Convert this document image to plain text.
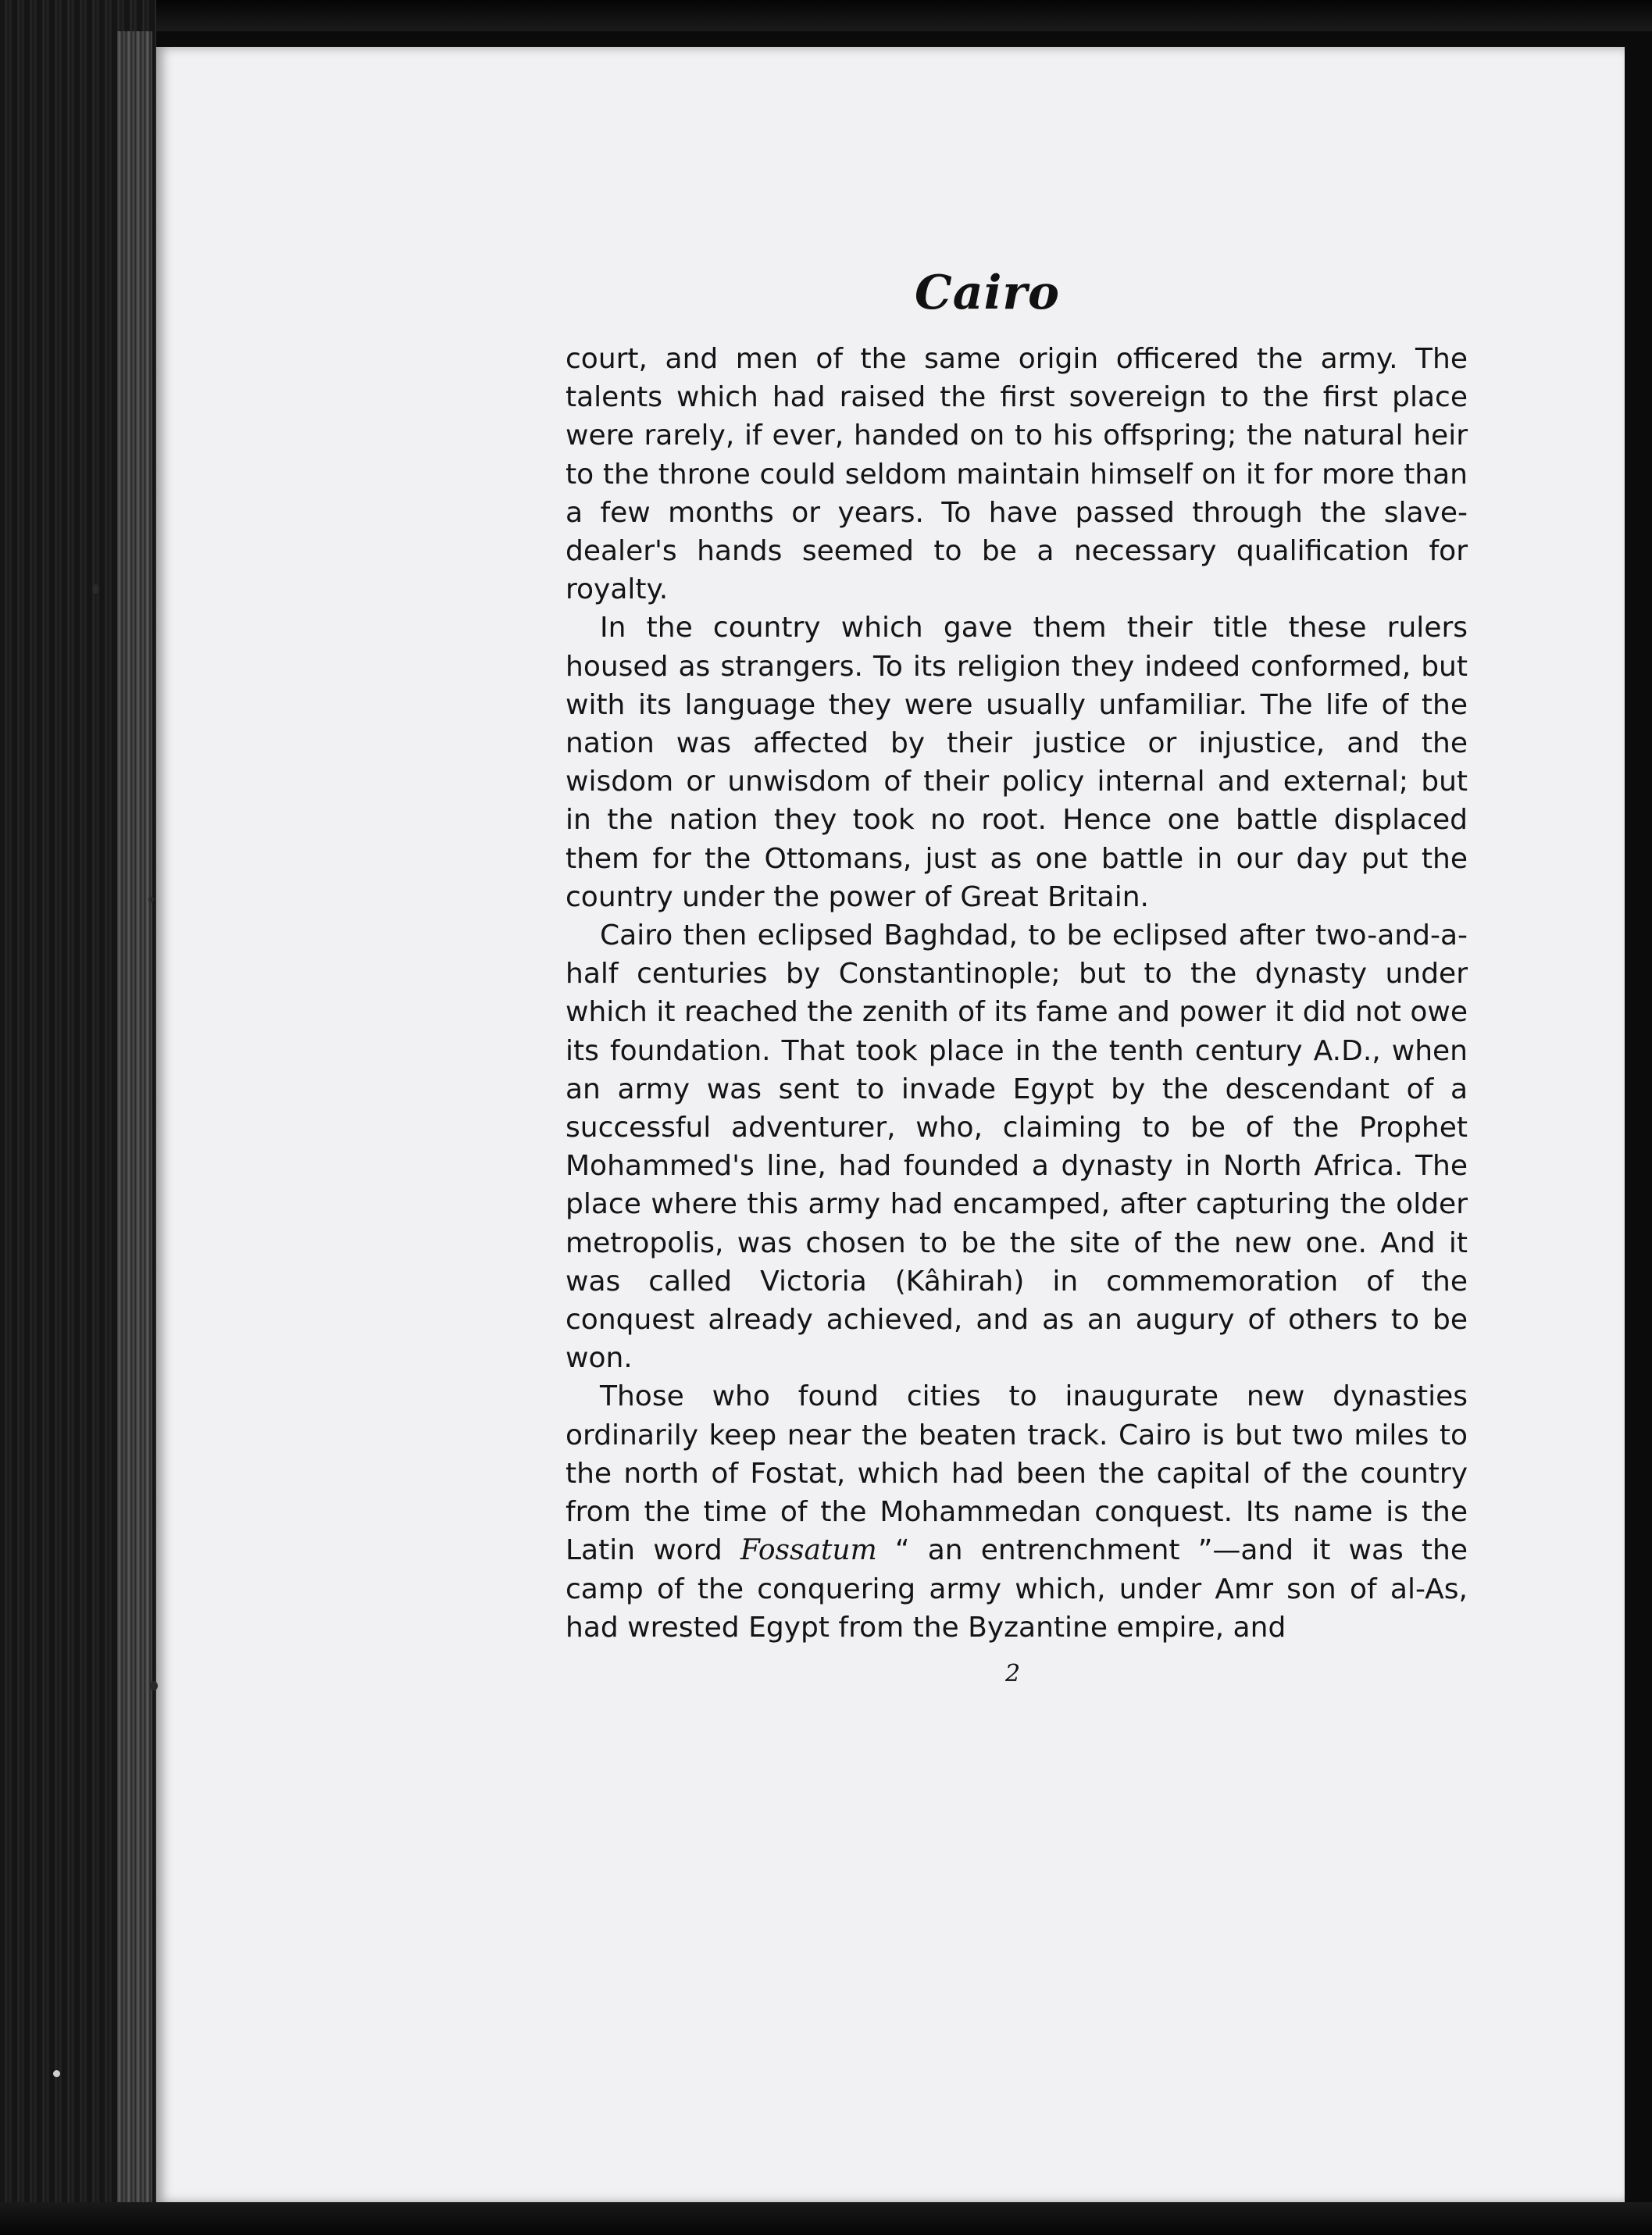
Cairo

court, and men of the same origin officered the army. The talents which had raised the first sovereign to the first place were rarely, if ever, handed on to his offspring; the natural heir to the throne could seldom maintain himself on it for more than a few months or years. To have passed through the slave-dealer's hands seemed to be a necessary qualification for royalty.

In the country which gave them their title these rulers housed as strangers. To its religion they indeed conformed, but with its language they were usually unfamiliar. The life of the nation was affected by their justice or injustice, and the wisdom or unwisdom of their policy internal and external; but in the nation they took no root. Hence one battle displaced them for the Ottomans, just as one battle in our day put the country under the power of Great Britain.

Cairo then eclipsed Baghdad, to be eclipsed after two-and-a-half centuries by Constantinople; but to the dynasty under which it reached the zenith of its fame and power it did not owe its foundation. That took place in the tenth century A.D., when an army was sent to invade Egypt by the descendant of a successful adventurer, who, claiming to be of the Prophet Mohammed's line, had founded a dynasty in North Africa. The place where this army had encamped, after capturing the older metropolis, was chosen to be the site of the new one. And it was called Victoria (Kâhirah) in commemoration of the conquest already achieved, and as an augury of others to be won.

Those who found cities to inaugurate new dynasties ordinarily keep near the beaten track. Cairo is but two miles to the north of Fostat, which had been the capital of the country from the time of the Mohammedan conquest. Its name is the Latin word Fossatum “ an entrenchment ”—and it was the camp of the conquering army which, under Amr son of al-As, had wrested Egypt from the Byzantine empire, and

2
